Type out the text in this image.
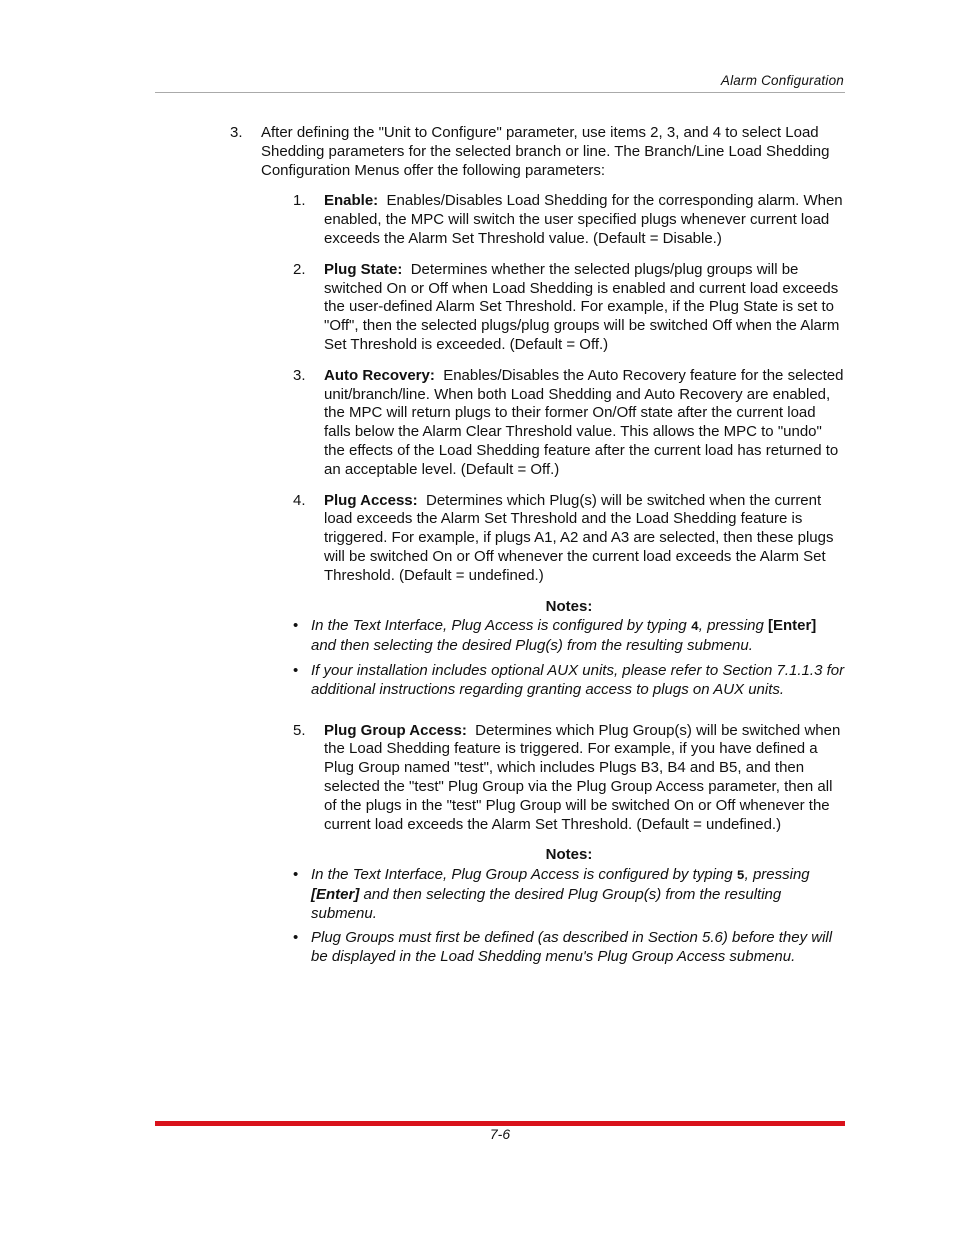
Alarm Configuration
3.	After defining the "Unit to Configure" parameter, use items 2, 3, and 4 to select Load Shedding parameters for the selected branch or line. The Branch/Line Load Shedding Configuration Menus offer the following parameters:
1.	Enable: Enables/Disables Load Shedding for the corresponding alarm. When enabled, the MPC will switch the user specified plugs whenever current load exceeds the Alarm Set Threshold value. (Default = Disable.)
2.	Plug State: Determines whether the selected plugs/plug groups will be switched On or Off when Load Shedding is enabled and current load exceeds the user-defined Alarm Set Threshold. For example, if the Plug State is set to "Off", then the selected plugs/plug groups will be switched Off when the Alarm Set Threshold is exceeded. (Default = Off.)
3.	Auto Recovery: Enables/Disables the Auto Recovery feature for the selected unit/branch/line. When both Load Shedding and Auto Recovery are enabled, the MPC will return plugs to their former On/Off state after the current load falls below the Alarm Clear Threshold value. This allows the MPC to "undo" the effects of the Load Shedding feature after the current load has returned to an acceptable level. (Default = Off.)
4.	Plug Access: Determines which Plug(s) will be switched when the current load exceeds the Alarm Set Threshold and the Load Shedding feature is triggered. For example, if plugs A1, A2 and A3 are selected, then these plugs will be switched On or Off whenever the current load exceeds the Alarm Set Threshold. (Default = undefined.)
Notes:
• In the Text Interface, Plug Access is configured by typing 4, pressing [Enter] and then selecting the desired Plug(s) from the resulting submenu.
• If your installation includes optional AUX units, please refer to Section 7.1.1.3 for additional instructions regarding granting access to plugs on AUX units.
5.	Plug Group Access: Determines which Plug Group(s) will be switched when the Load Shedding feature is triggered. For example, if you have defined a Plug Group named "test", which includes Plugs B3, B4 and B5, and then selected the "test" Plug Group via the Plug Group Access parameter, then all of the plugs in the "test" Plug Group will be switched On or Off whenever the current load exceeds the Alarm Set Threshold. (Default = undefined.)
Notes:
• In the Text Interface, Plug Group Access is configured by typing 5, pressing [Enter] and then selecting the desired Plug Group(s) from the resulting submenu.
• Plug Groups must first be defined (as described in Section 5.6) before they will be displayed in the Load Shedding menu's Plug Group Access submenu.
7-6
